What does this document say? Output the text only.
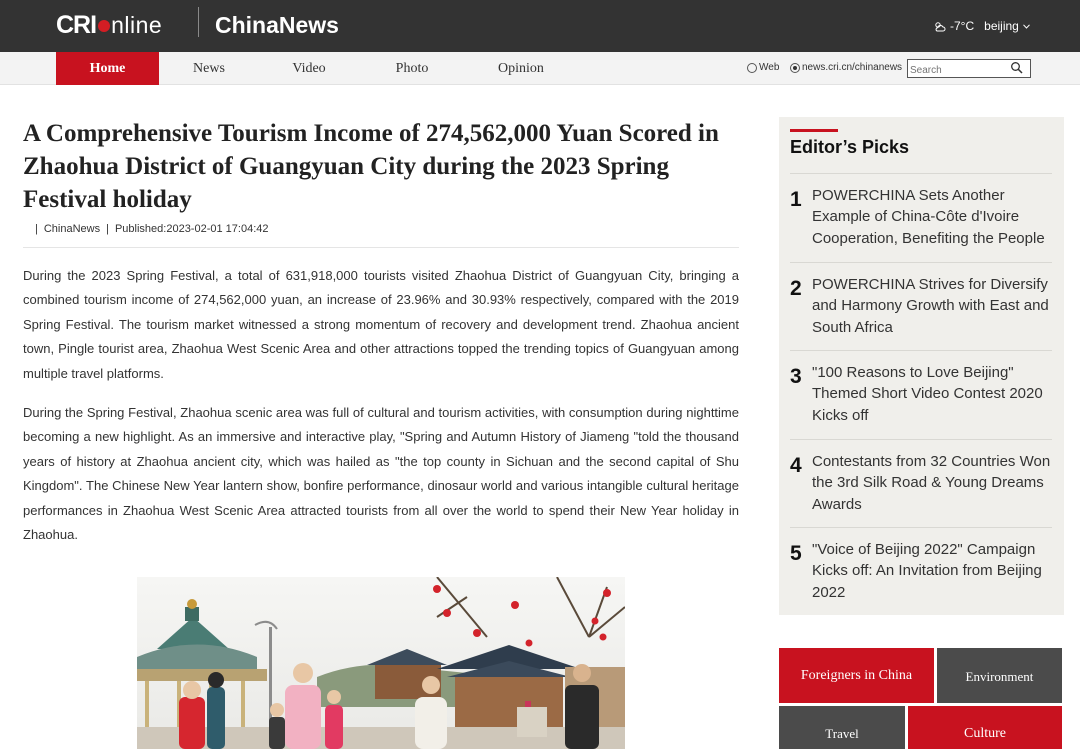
CRI nline ChinaNews	-7°C beijing
Home	News	Video	Photo	Opinion	Web news.cri.cn/chinanews
Search
A Comprehensive Tourism Income of 274,562,000 Yuan Scored in Zhaohua District of Guangyuan City during the 2023 Spring Festival holiday
| ChinaNews | Published:2023-02-01 17:04:42

During the 2023 Spring Festival, a total of 631,918,000 tourists visited Zhaohua District of Guangyuan City, bringing a combined tourism income of 274,562,000 yuan, an increase of 23.96% and 30.93% respectively, compared with the 2019 Spring Festival. The tourism market witnessed a strong momentum of recovery and development trend. Zhaohua ancient town, Pingle tourist area, Zhaohua West Scenic Area and other attractions topped the trending topics of Guangyuan among multiple travel platforms.

During the Spring Festival, Zhaohua scenic area was full of cultural and tourism activities, with consumption during nighttime becoming a new highlight. As an immersive and interactive play, "Spring and Autumn History of Jiameng "told the thousand years of history at Zhaohua ancient city, which was hailed as "the top county in Sichuan and the second capital of Shu Kingdom". The Chinese New Year lantern show, bonfire performance, dinosaur world and various intangible cultural heritage performances in Zhaohua West Scenic Area attracted tourists from all over the world to spend their New Year holiday in Zhaohua.

Editor’s Picks
1 POWERCHINA Sets Another Example of China-Côte d'Ivoire Cooperation, Benefiting the People
2 POWERCHINA Strives for Diversify and Harmony Growth with East and South Africa
3 "100 Reasons to Love Beijing" Themed Short Video Contest 2020 Kicks off
4 Contestants from 32 Countries Won the 3rd Silk Road & Young Dreams Awards
5 "Voice of Beijing 2022" Campaign Kicks off: An Invitation from Beijing 2022
Foreigners in China	Environment
Travel	Culture
